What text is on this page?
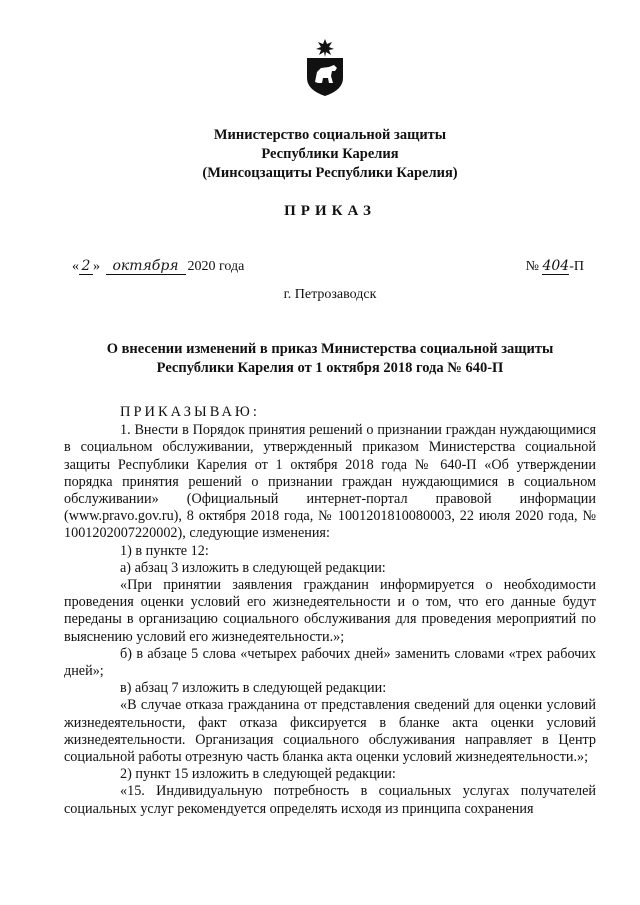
Министерство социальной защиты
Республики Карелия
(Минсоцзащиты Республики Карелия)
ПРИКАЗ
« 2 » октября 2020 года	№ 404-П
г. Петрозаводск
О внесении изменений в приказ Министерства социальной защиты
Республики Карелия от 1 октября 2018 года № 640-П

ПРИКАЗЫВАЮ:

1. Внести в Порядок принятия решений о признании граждан нуждающимися в социальном обслуживании, утвержденный приказом Министерства социальной защиты Республики Карелия от 1 октября 2018 года № 640-П «Об утверждении порядка принятия решений о признании граждан нуждающимися в социальном обслуживании» (Официальный интернет-портал правовой информации (www.pravo.gov.ru), 8 октября 2018 года, № 1001201810080003, 22 июля 2020 года, № 1001202007220002), следующие изменения:

1) в пункте 12:

а) абзац 3 изложить в следующей редакции:

«При принятии заявления гражданин информируется о необходимости проведения оценки условий его жизнедеятельности и о том, что его данные будут переданы в организацию социального обслуживания для проведения мероприятий по выяснению условий его жизнедеятельности.»;

б) в абзаце 5 слова «четырех рабочих дней» заменить словами «трех рабочих дней»;

в) абзац 7 изложить в следующей редакции:

«В случае отказа гражданина от представления сведений для оценки условий жизнедеятельности, факт отказа фиксируется в бланке акта оценки условий жизнедеятельности. Организация социального обслуживания направляет в Центр социальной работы отрезную часть бланка акта оценки условий жизнедеятельности.»;

2) пункт 15 изложить в следующей редакции:

«15. Индивидуальную потребность в социальных услугах получателей социальных услуг рекомендуется определять исходя из принципа сохранения
